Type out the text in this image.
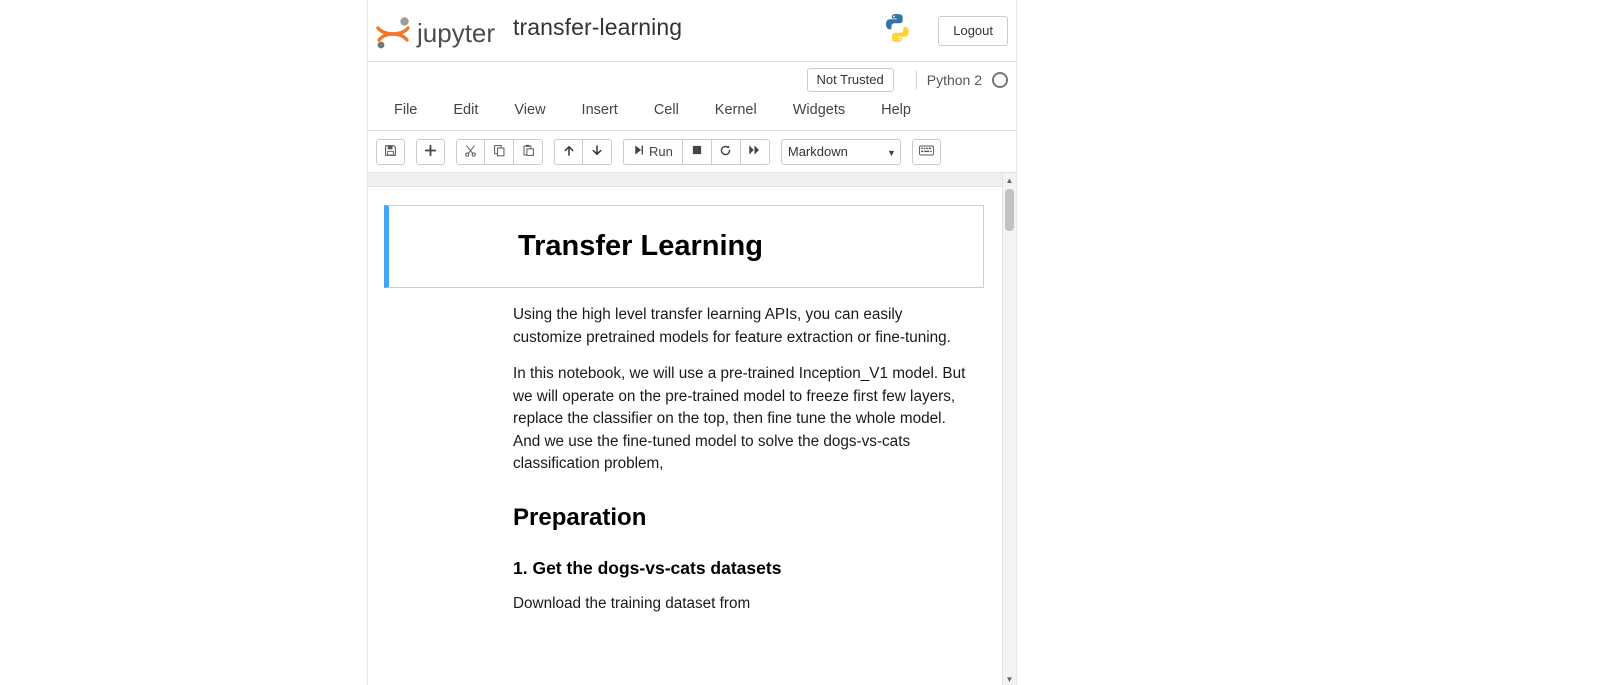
jupyter transfer-learning	Logout
Not Trusted	Python 2
File	Edit	View	Insert	Cell	Kernel	Widgets	Help
Run
Markdown	▼
▲
▼
Transfer Learning

Using the high level transfer learning APIs, you can easily customize pretrained models for feature extraction or fine-tuning.

In this notebook, we will use a pre-trained Inception_V1 model. But we will operate on the pre-trained model to freeze first few layers, replace the classifier on the top, then fine tune the whole model. And we use the fine-tuned model to solve the dogs-vs-cats classification problem,

Preparation
1. Get the dogs-vs-cats datasets

Download the training dataset from
